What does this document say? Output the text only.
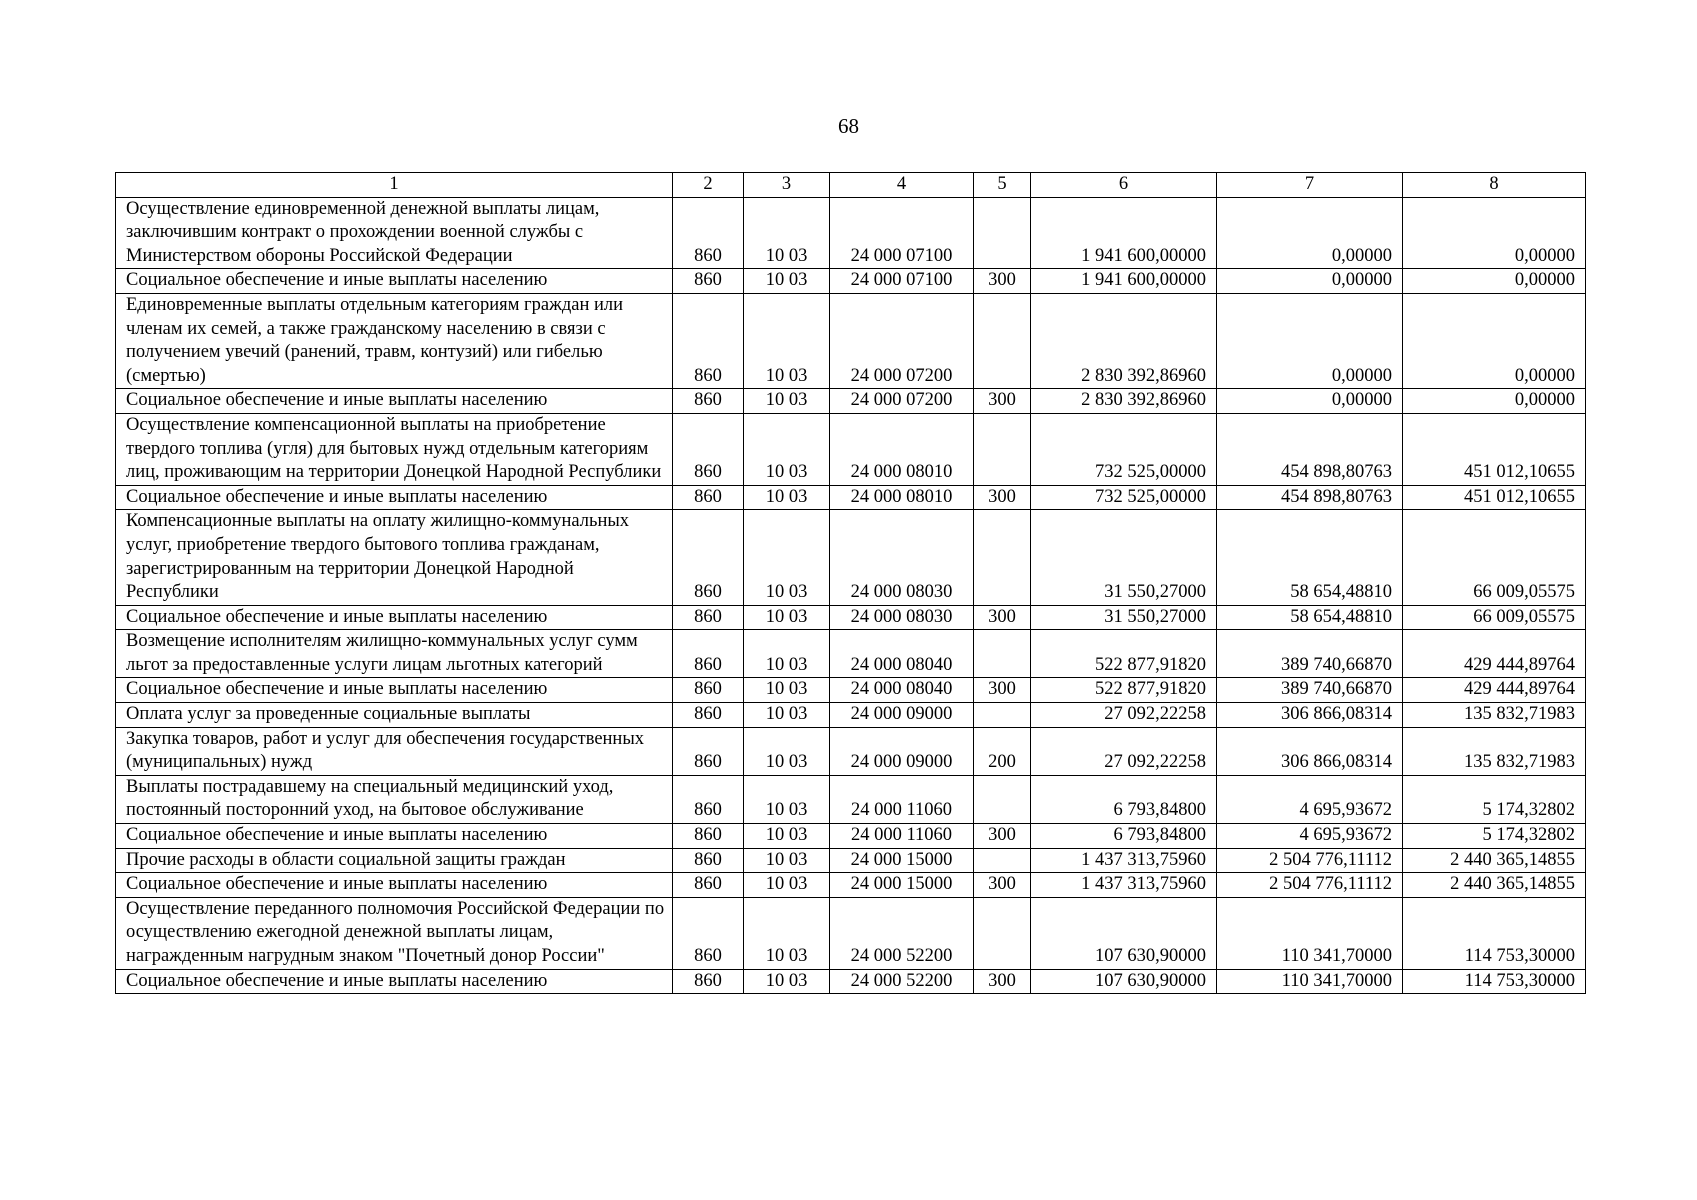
68
1	2	3	4	5	6	7	8
Осуществление единовременной денежной выплаты лицам, заключившим контракт о прохождении военной службы с Министерством обороны Российской Федерации	860	10 03	24 000 07100		1 941 600,00000	0,00000	0,00000
Социальное обеспечение и иные выплаты населению	860	10 03	24 000 07100	300	1 941 600,00000	0,00000	0,00000
Единовременные выплаты отдельным категориям граждан или членам их семей, а также гражданскому населению в связи с получением увечий (ранений, травм, контузий) или гибелью (смертью)	860	10 03	24 000 07200		2 830 392,86960	0,00000	0,00000
Социальное обеспечение и иные выплаты населению	860	10 03	24 000 07200	300	2 830 392,86960	0,00000	0,00000
Осуществление компенсационной выплаты на приобретение твердого топлива (угля) для бытовых нужд отдельным категориям лиц, проживающим на территории Донецкой Народной Республики	860	10 03	24 000 08010		732 525,00000	454 898,80763	451 012,10655
Социальное обеспечение и иные выплаты населению	860	10 03	24 000 08010	300	732 525,00000	454 898,80763	451 012,10655
Компенсационные выплаты на оплату жилищно-коммунальных услуг, приобретение твердого бытового топлива гражданам, зарегистрированным на территории Донецкой Народной Республики	860	10 03	24 000 08030		31 550,27000	58 654,48810	66 009,05575
Социальное обеспечение и иные выплаты населению	860	10 03	24 000 08030	300	31 550,27000	58 654,48810	66 009,05575
Возмещение исполнителям жилищно-коммунальных услуг сумм льгот за предоставленные услуги лицам льготных категорий	860	10 03	24 000 08040		522 877,91820	389 740,66870	429 444,89764
Социальное обеспечение и иные выплаты населению	860	10 03	24 000 08040	300	522 877,91820	389 740,66870	429 444,89764
Оплата услуг за проведенные социальные выплаты	860	10 03	24 000 09000		27 092,22258	306 866,08314	135 832,71983
Закупка товаров, работ и услуг для обеспечения государственных (муниципальных) нужд	860	10 03	24 000 09000	200	27 092,22258	306 866,08314	135 832,71983
Выплаты пострадавшему на специальный медицинский уход, постоянный посторонний уход, на бытовое обслуживание	860	10 03	24 000 11060		6 793,84800	4 695,93672	5 174,32802
Социальное обеспечение и иные выплаты населению	860	10 03	24 000 11060	300	6 793,84800	4 695,93672	5 174,32802
Прочие расходы в области социальной защиты граждан	860	10 03	24 000 15000		1 437 313,75960	2 504 776,11112	2 440 365,14855
Социальное обеспечение и иные выплаты населению	860	10 03	24 000 15000	300	1 437 313,75960	2 504 776,11112	2 440 365,14855
Осуществление переданного полномочия Российской Федерации по осуществлению ежегодной денежной выплаты лицам, награжденным нагрудным знаком "Почетный донор России"	860	10 03	24 000 52200		107 630,90000	110 341,70000	114 753,30000
Социальное обеспечение и иные выплаты населению	860	10 03	24 000 52200	300	107 630,90000	110 341,70000	114 753,30000
